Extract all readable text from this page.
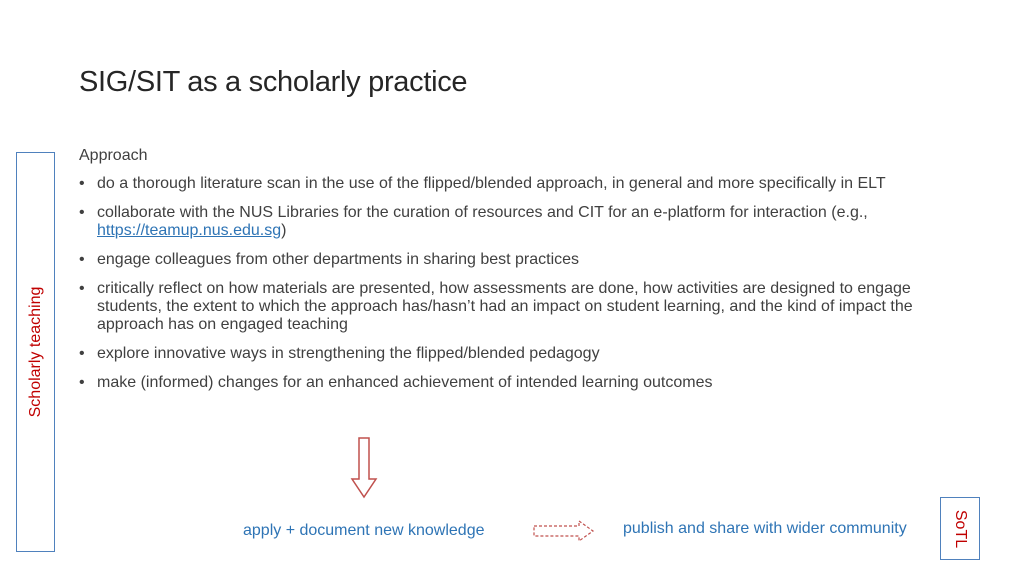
SIG/SIT as a scholarly practice
Approach
• do a thorough literature scan in the use of the flipped/blended approach, in general and more specifically in ELT
• collaborate with the NUS Libraries for the curation of resources and CIT for an e-platform for interaction (e.g., https://teamup.nus.edu.sg)
• engage colleagues from other departments in sharing best practices
• critically reflect on how materials are presented, how assessments are done, how activities are designed to engage students, the extent to which the approach has/hasn’t had an impact on student learning, and the kind of impact the approach has on engaged teaching
• explore innovative ways in strengthening the flipped/blended pedagogy
• make (informed) changes for an enhanced achievement of intended learning outcomes
Scholarly teaching
SoTL
apply + document new knowledge	publish and share with wider community
